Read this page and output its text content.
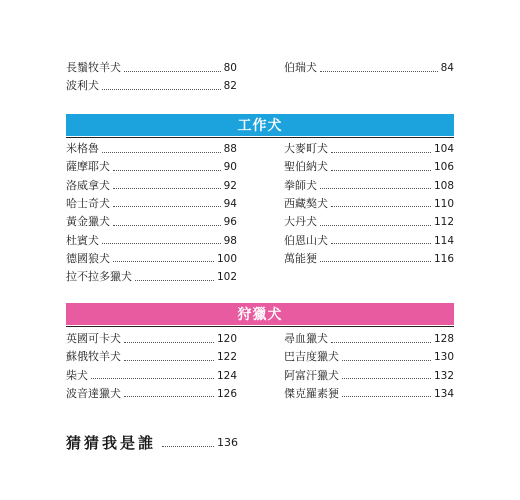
長鬚牧羊犬	80
波利犬	82
伯瑞犬	84
工作犬
米格魯	88
薩摩耶犬	90
洛威拿犬	92
哈士奇犬	94
黃金獵犬	96
杜賓犬	98
德國狼犬	100
拉不拉多獵犬	102
大麥町犬	104
聖伯納犬	106
拳師犬	108
西藏獒犬	110
大丹犬	112
伯恩山犬	114
萬能㹴	116
狩獵犬
英國可卡犬	120
蘇俄牧羊犬	122
柴犬	124
波音達獵犬	126
尋血獵犬	128
巴吉度獵犬	130
阿富汗獵犬	132
傑克羅素㹴	134
猜猜我是誰	136
